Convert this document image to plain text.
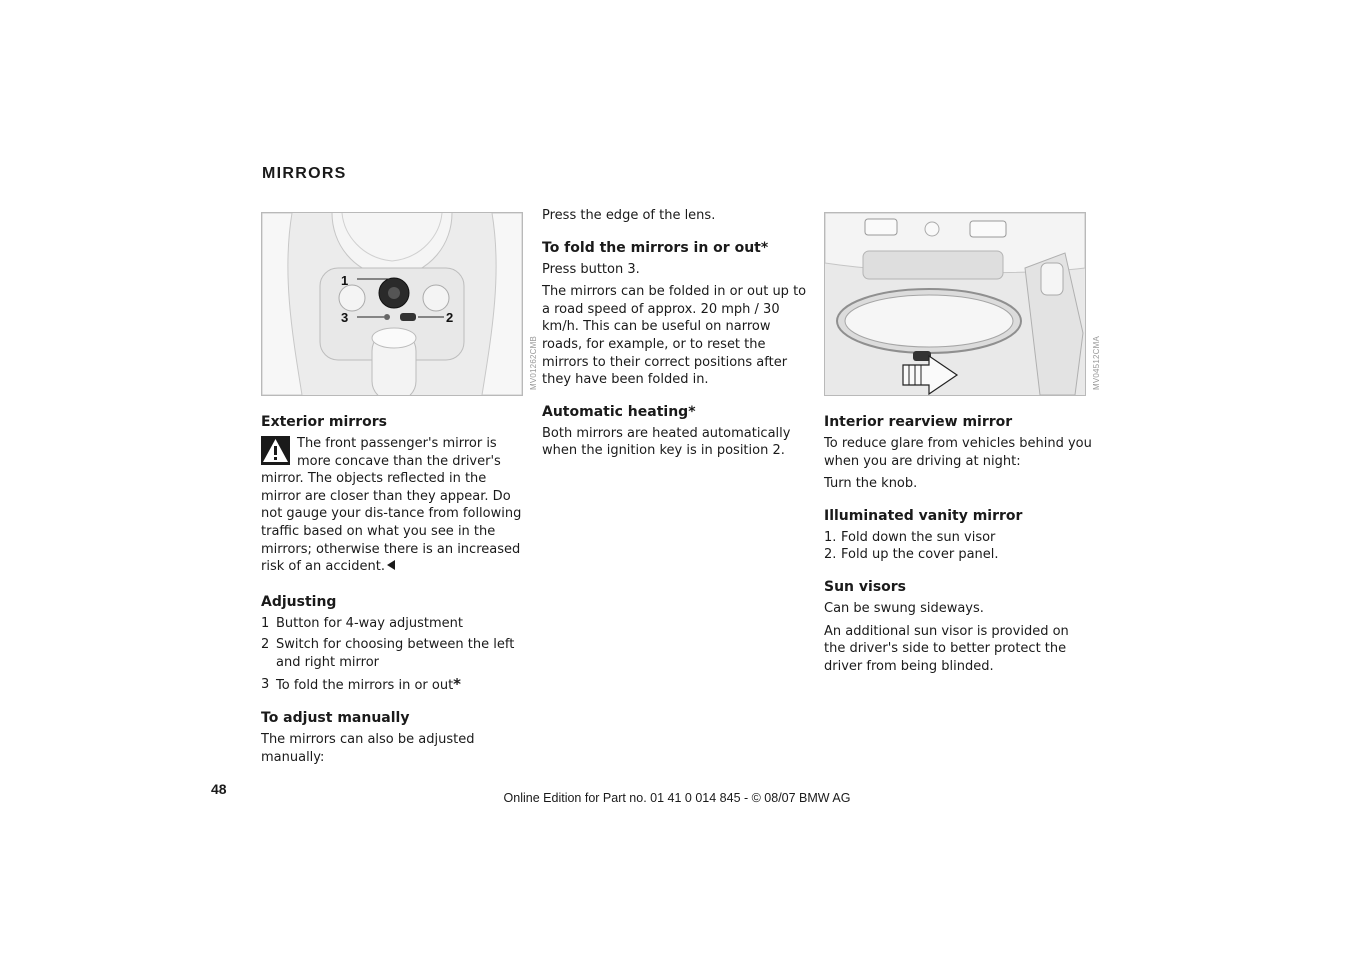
MIRRORS
1
2
3
MV01262CMB
Exterior mirrors
The front passenger's mirror is more concave than the driver's mirror. The objects reflected in the mirror are closer than they appear. Do not gauge your dis-tance from following traffic based on what you see in the mirrors; otherwise there is an increased risk of an accident.
Adjusting
1 Button for 4-way adjustment
2 Switch for choosing between the left and right mirror
3 To fold the mirrors in or out*
To adjust manually

The mirrors can also be adjusted manually:

Press the edge of the lens.

To fold the mirrors in or out*

Press button 3.

The mirrors can be folded in or out up to a road speed of approx. 20 mph / 30 km/h. This can be useful on narrow roads, for example, or to reset the mirrors to their correct positions after they have been folded in.

Automatic heating*

Both mirrors are heated automatically when the ignition key is in position 2.

MV04512CMA
Interior rearview mirror

To reduce glare from vehicles behind you when you are driving at night:

Turn the knob.

Illuminated vanity mirror
1. Fold down the sun visor
2. Fold up the cover panel.
Sun visors

Can be swung sideways.

An additional sun visor is provided on the driver's side to better protect the driver from being blinded.

48
Online Edition for Part no. 01 41 0 014 845 - © 08/07 BMW AG
